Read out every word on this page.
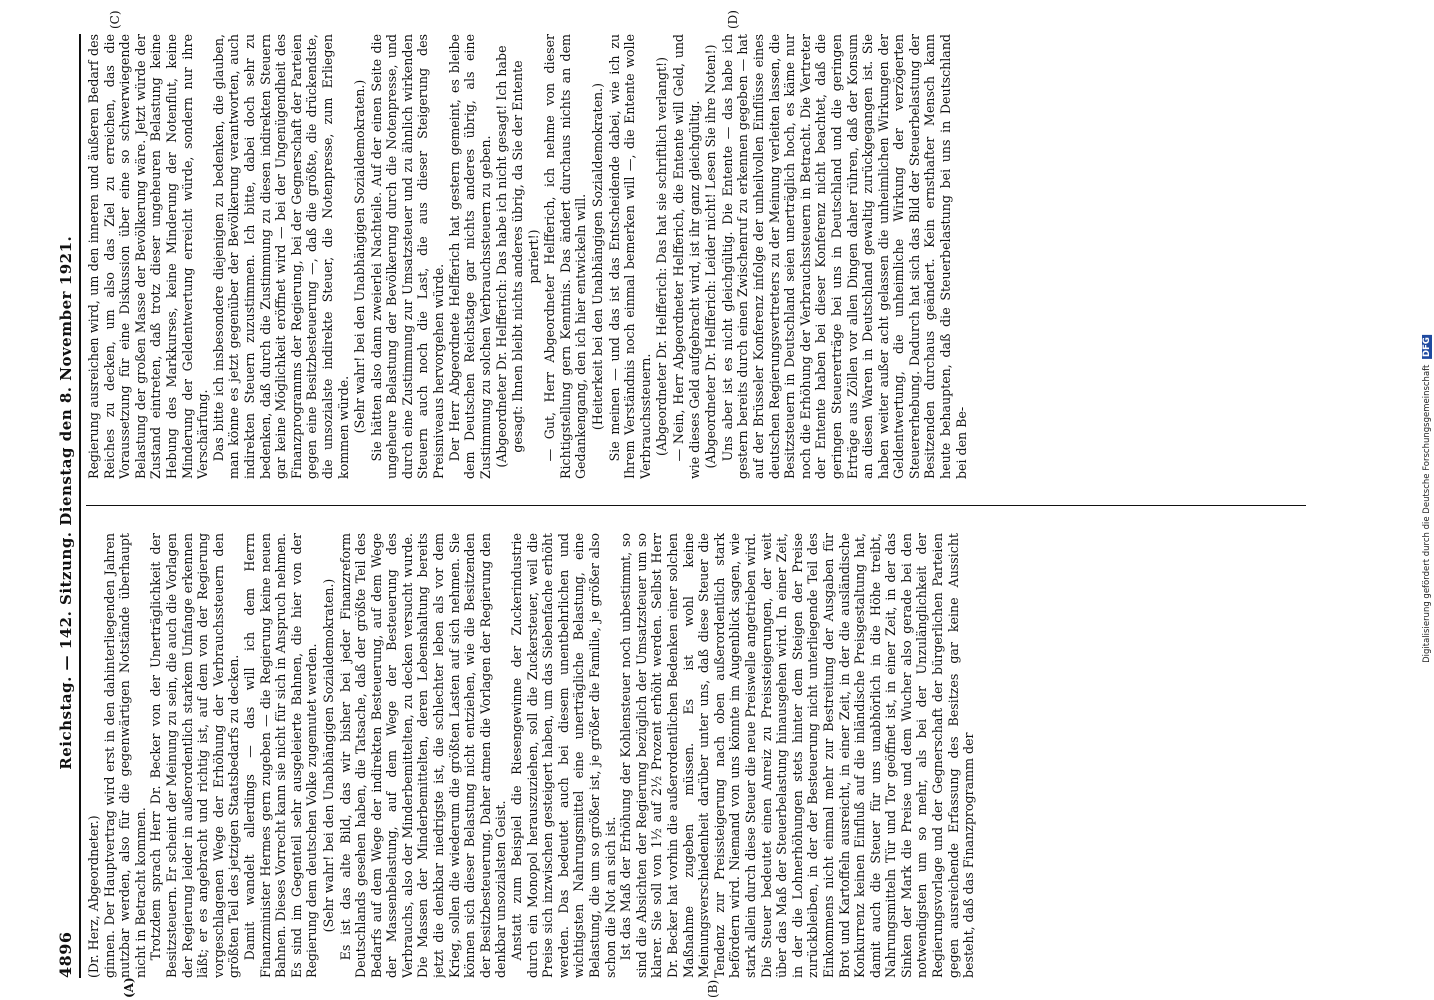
4896
Reichstag. — 142. Sitzung. Dienstag den 8. November 1921.
(A)	(B)
(C)	(D)

(Dr. Herz, Abgeordneter.) ginnen. Der Hauptvertrag wird erst in den dahinterliegenden Jahren nutzbar werden, also für die gegenwärtigen Notstände überhaupt nicht in Betracht kommen. Trotzdem sprach Herr Dr. Becker von der Unerträglichkeit der Besitzsteuern. Er scheint der Meinung zu sein, die auch die Vorlagen der Regierung leider in außerordentlich starkem Umfange erkennen läßt; er es angebracht und richtig ist, auf dem von der Regierung vorgeschlagenen Wege der Erhöhung der Verbrauchssteuern den größten Teil des jetzigen Staatsbedarfs zu decken. Damit wandelt allerdings — das will ich dem Herrn Finanzminister Hermes gern zugeben — die Regierung keine neuen Bahnen. Dieses Vorrecht kann sie nicht für sich in Anspruch nehmen. Es sind im Gegenteil sehr ausgeleierte Bahnen, die hier von der Regierung dem deutschen Volke zugemutet werden. (Sehr wahr! bei den Unabhängigen Sozialdemokraten.) Es ist das alte Bild, das wir bisher bei jeder Finanzreform Deutschlands gesehen haben, die Tatsache, daß der größte Teil des Bedarfs auf dem Wege der indirekten Besteuerung, auf dem Wege der Massenbelastung, auf dem Wege der Besteuerung des Verbrauchs, also der Minderbemittelten, zu decken versucht wurde. Die Massen der Minderbemittelten, deren Lebenshaltung bereits jetzt die denkbar niedrigste ist, die schlechter leben als vor dem Krieg, sollen die wiederum die größten Lasten auf sich nehmen. Sie können sich dieser Belastung nicht entziehen, wie die Besitzenden der Besitzbesteuerung. Daher atmen die Vorlagen der Regierung den denkbar unsozialsten Geist. Anstatt zum Beispiel die Riesengewinne der Zuckerindustrie durch ein Monopol herauszuziehen, soll die Zuckersteuer, weil die Preise sich inzwischen gesteigert haben, um das Siebenfache erhöht werden. Das bedeutet auch bei diesem unentbehrlichen und wichtigsten Nahrungsmittel eine unerträgliche Belastung, eine Belastung, die um so größer ist, je größer die Familie, je größer also schon die Not an sich ist. Ist das Maß der Erhöhung der Kohlensteuer noch unbestimmt, so sind die Absichten der Regierung bezüglich der Umsatzsteuer um so klarer. Sie soll von 1½ auf 2½ Prozent erhöht werden. Selbst Herr Dr. Becker hat vorhin die außerordentlichen Bedenken einer solchen Maßnahme zugeben müssen. Es ist wohl keine Meinungsverschiedenheit darüber unter uns, daß diese Steuer die Tendenz zur Preissteigerung nach oben außerordentlich stark befördern wird. Niemand von uns könnte im Augenblick sagen, wie stark allein durch diese Steuer die neue Preiswelle angetrieben wird. Die Steuer bedeutet einen Anreiz zu Preissteigerungen, der weit über das Maß der Steuerbelastung hinausgehen wird. In einer Zeit, in der die Lohnerhöhungen stets hinter dem Steigen der Preise zurückbleiben, in der der Besteuerung nicht unterliegende Teil des Einkommens nicht einmal mehr zur Bestreitung der Ausgaben für Brot und Kartoffeln ausreicht, in einer Zeit, in der die ausländische Konkurrenz keinen Einfluß auf die inländische Preisgestaltung hat, damit auch die Steuer für uns unabhörlich in die Höhe treibt, Nahrungsmitteln Tür und Tor geöffnet ist, in einer Zeit, in der das Sinken der Mark die Preise und dem Wucher also gerade bei den notwendigsten um so mehr, als bei der Unzulänglichkeit der Regierungsvorlage und der Gegnerschaft der bürgerlichen Parteien gegen ausreichende Erfassung des Besitzes gar keine Aussicht besteht, daß das Finanzprogramm der

Regierung ausreichen wird, um den inneren und äußeren Bedarf des Reiches zu decken, um also das Ziel zu erreichen, das die Voraussetzung für eine Diskussion über eine so schwerwiegende Belastung der großen Masse der Bevölkerung wäre. Jetzt würde der Zustand eintreten, daß trotz dieser ungeheuren Belastung keine Hebung des Markkurses, keine Minderung der Notenflut, keine Minderung der Geldentwertung erreicht würde, sondern nur ihre Verschärfung. Das bitte ich insbesondere diejenigen zu bedenken, die glauben, man könne es jetzt gegenüber der Bevölkerung verantworten, auch indirekten Steuern zuzustimmen. Ich bitte, dabei doch sehr zu bedenken, daß durch die Zustimmung zu diesen indirekten Steuern gar keine Möglichkeit eröffnet wird — bei der Ungenügendheit des Finanzprogramms der Regierung, bei der Gegnerschaft der Parteien gegen eine Besitzbesteuerung —, daß die größte, die drückendste, die unsozialste indirekte Steuer, die Notenpresse, zum Erliegen kommen würde. (Sehr wahr! bei den Unabhängigen Sozialdemokraten.) Sie hätten also dann zweierlei Nachteile. Auf der einen Seite die ungeheure Belastung der Bevölkerung durch die Notenpresse, und durch eine Zustimmung zur Umsatzsteuer und zu ähnlich wirkenden Steuern auch noch die Last, die aus dieser Steigerung des Preisniveaus hervorgehen würde. Der Herr Abgeordnete Helfferich hat gestern gemeint, es bleibe dem Deutschen Reichstage gar nichts anderes übrig, als eine Zustimmung zu solchen Verbrauchssteuern zu geben. (Abgeordneter Dr. Helfferich: Das habe ich nicht gesagt! Ich habe gesagt: Ihnen bleibt nichts anderes übrig, da Sie der Entente pariert!) — Gut, Herr Abgeordneter Helfferich, ich nehme von dieser Richtigstellung gern Kenntnis. Das ändert durchaus nichts an dem Gedankengang, den ich hier entwickeln will. (Heiterkeit bei den Unabhängigen Sozialdemokraten.) Sie meinen — und das ist das Entscheidende dabei, wie ich zu Ihrem Verständnis noch einmal bemerken will —, die Entente wolle Verbrauchssteuern. (Abgeordneter Dr. Helfferich: Das hat sie schriftlich verlangt!) — Nein, Herr Abgeordneter Helfferich, die Entente will Geld, und wie dieses Geld aufgebracht wird, ist ihr ganz gleichgültig. (Abgeordneter Dr. Helfferich: Leider nicht! Lesen Sie ihre Noten!) Uns aber ist es nicht gleichgültig. Die Entente — das habe ich gestern bereits durch einen Zwischenruf zu erkennen gegeben — hat auf der Brüsseler Konferenz infolge der unheilvollen Einflüsse eines deutschen Regierungsvertreters zu der Meinung verleiten lassen, die Besitzsteuern in Deutschland seien unerträglich hoch, es käme nur noch die Erhöhung der Verbrauchssteuern in Betracht. Die Vertreter der Entente haben bei dieser Konferenz nicht beachtet, daß die geringen Steuererträge bei uns in Deutschland und die geringen Erträge aus Zöllen vor allen Dingen daher rühren, daß der Konsum an diesen Waren in Deutschland gewaltig zurückgegangen ist. Sie haben weiter außer acht gelassen die unheimlichen Wirkungen der Geldentwertung, die unheimliche Wirkung der verzögerten Steuererhebung. Dadurch hat sich das Bild der Steuerbelastung der Besitzenden durchaus geändert. Kein ernsthafter Mensch kann heute behaupten, daß die Steuerbelastung bei uns in Deutschland bei den Be-	Digitalisierung gefördert durch die Deutsche Forschungsgemeinschaft DFG
